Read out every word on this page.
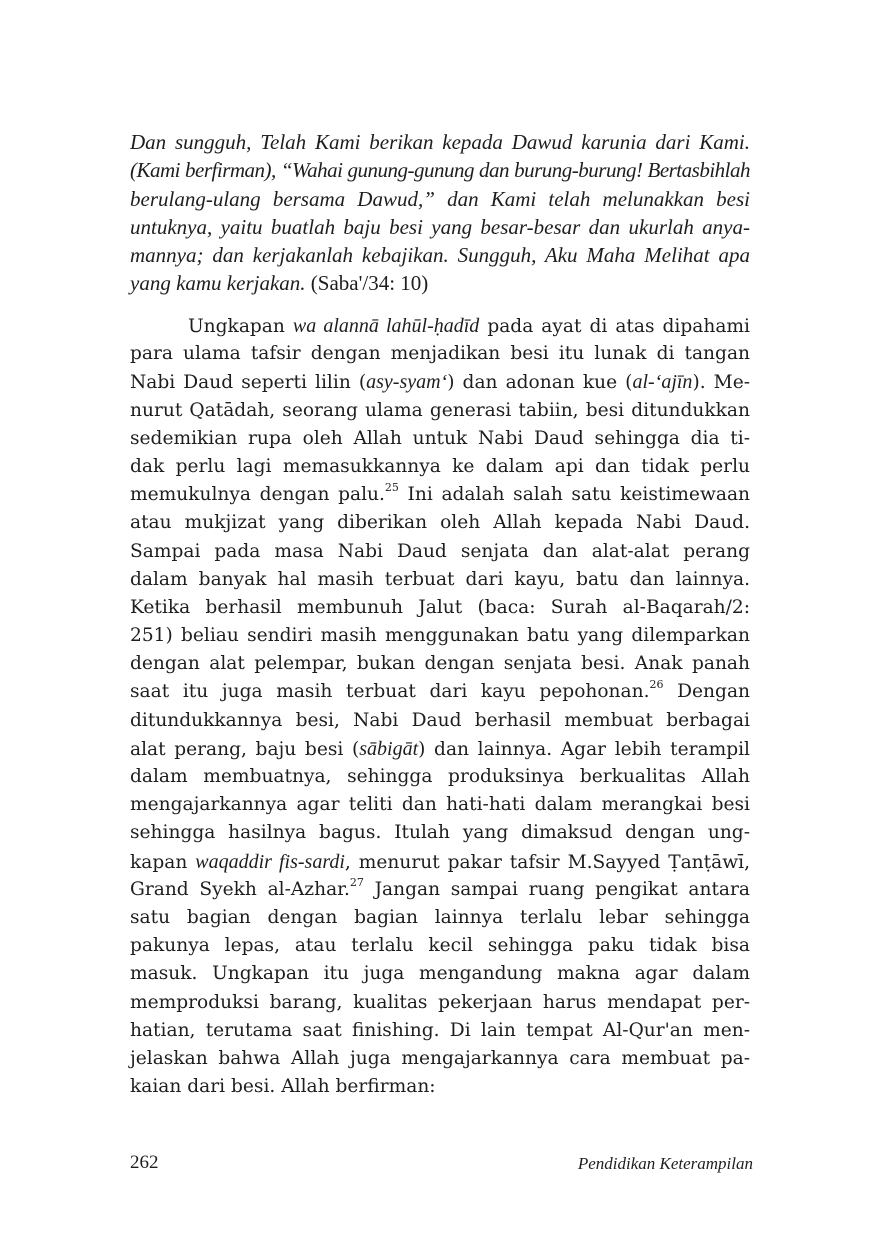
Dan sungguh, Telah Kami berikan kepada Dawud karunia dari Kami.

(Kami berfirman), “Wahai gunung-gunung dan burung-burung! Bertasbihlah

berulang-ulang bersama Dawud,” dan Kami telah melunakkan besi

untuknya, yaitu buatlah baju besi yang besar-besar dan ukurlah anya-

mannya; dan kerjakanlah kebajikan. Sungguh, Aku Maha Melihat apa

yang kamu kerjakan. (Saba'/34: 10)

Ungkapan wa alannā lahūl-ḥadīd pada ayat di atas dipahami

para ulama tafsir dengan menjadikan besi itu lunak di tangan

Nabi Daud seperti lilin (asy-syam‘) dan adonan kue (al-‘ajīn). Me-

nurut Qatādah, seorang ulama generasi tabiin, besi ditundukkan

sedemikian rupa oleh Allah untuk Nabi Daud sehingga dia ti-

dak perlu lagi memasukkannya ke dalam api dan tidak perlu

memukulnya dengan palu.$^{25}$ Ini adalah salah satu keistimewaan

atau mukjizat yang diberikan oleh Allah kepada Nabi Daud.

Sampai pada masa Nabi Daud senjata dan alat-alat perang

dalam banyak hal masih terbuat dari kayu, batu dan lainnya.

Ketika berhasil membunuh Jalut (baca: Surah al-Baqarah/2:

251) beliau sendiri masih menggunakan batu yang dilemparkan

dengan alat pelempar, bukan dengan senjata besi. Anak panah

saat itu juga masih terbuat dari kayu pepohonan.$^{26}$ Dengan

ditundukkannya besi, Nabi Daud berhasil membuat berbagai

alat perang, baju besi (sābigāt) dan lainnya. Agar lebih terampil

dalam membuatnya, sehingga produksinya berkualitas Allah

mengajarkannya agar teliti dan hati-hati dalam merangkai besi

sehingga hasilnya bagus. Itulah yang dimaksud dengan ung-

kapan waqaddir fis-sardi, menurut pakar tafsir M.Sayyed Ṭanṭāwī,

Grand Syekh al-Azhar.$^{27}$ Jangan sampai ruang pengikat antara

satu bagian dengan bagian lainnya terlalu lebar sehingga

pakunya lepas, atau terlalu kecil sehingga paku tidak bisa

masuk. Ungkapan itu juga mengandung makna agar dalam

memproduksi barang, kualitas pekerjaan harus mendapat per-

hatian, terutama saat finishing. Di lain tempat Al-Qur'an men-

jelaskan bahwa Allah juga mengajarkannya cara membuat pa-

kaian dari besi. Allah berfirman:

262	Pendidikan Keterampilan
